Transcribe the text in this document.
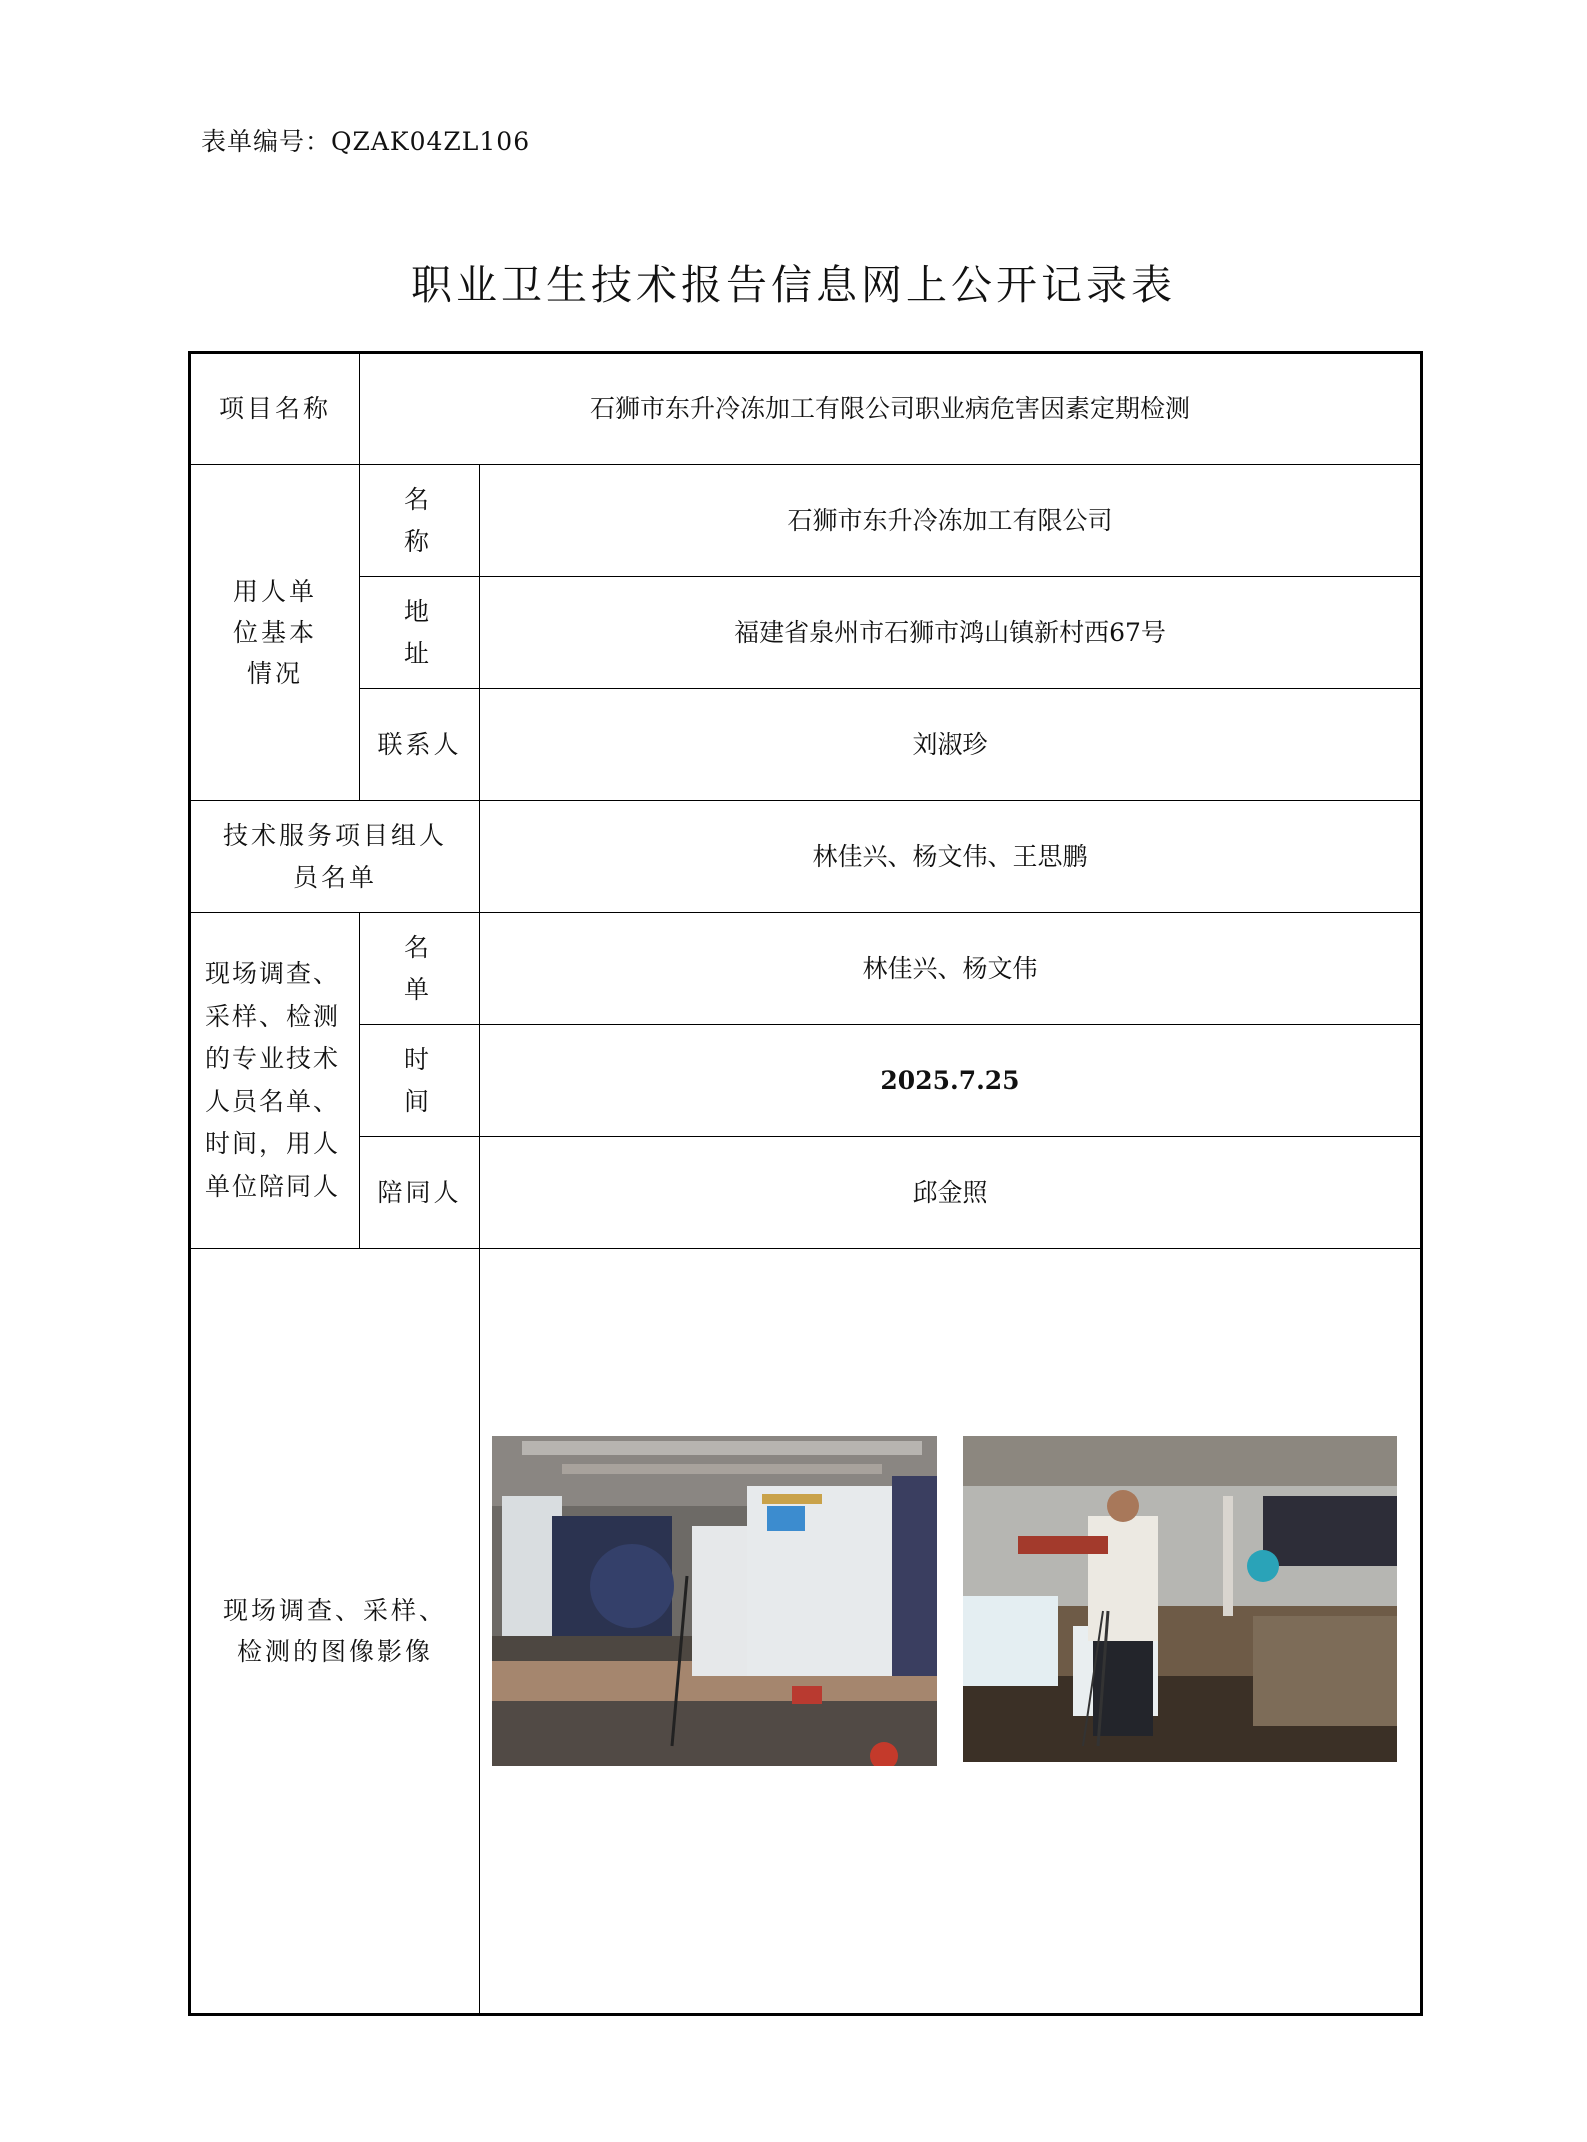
表单编号：QZAK04ZL106
职业卫生技术报告信息网上公开记录表
项目名称	石狮市东升冷冻加工有限公司职业病危害因素定期检测	

用人单位基本情况	名 称	石狮市东升冷冻加工有限公司
	地 址	福建省泉州市石狮市鸿山镇新村西67号
	联系人	刘淑珍

技术服务项目组人员名单		林佳兴、杨文伟、王思鹏

现场调查、采样、检测的专业技术人员名单、时间，用人单位陪同人	名 单	林佳兴、杨文伟
	时 间	2025.7.25
	陪同人	邱金照

现场调查、采样、检测的图像影像
